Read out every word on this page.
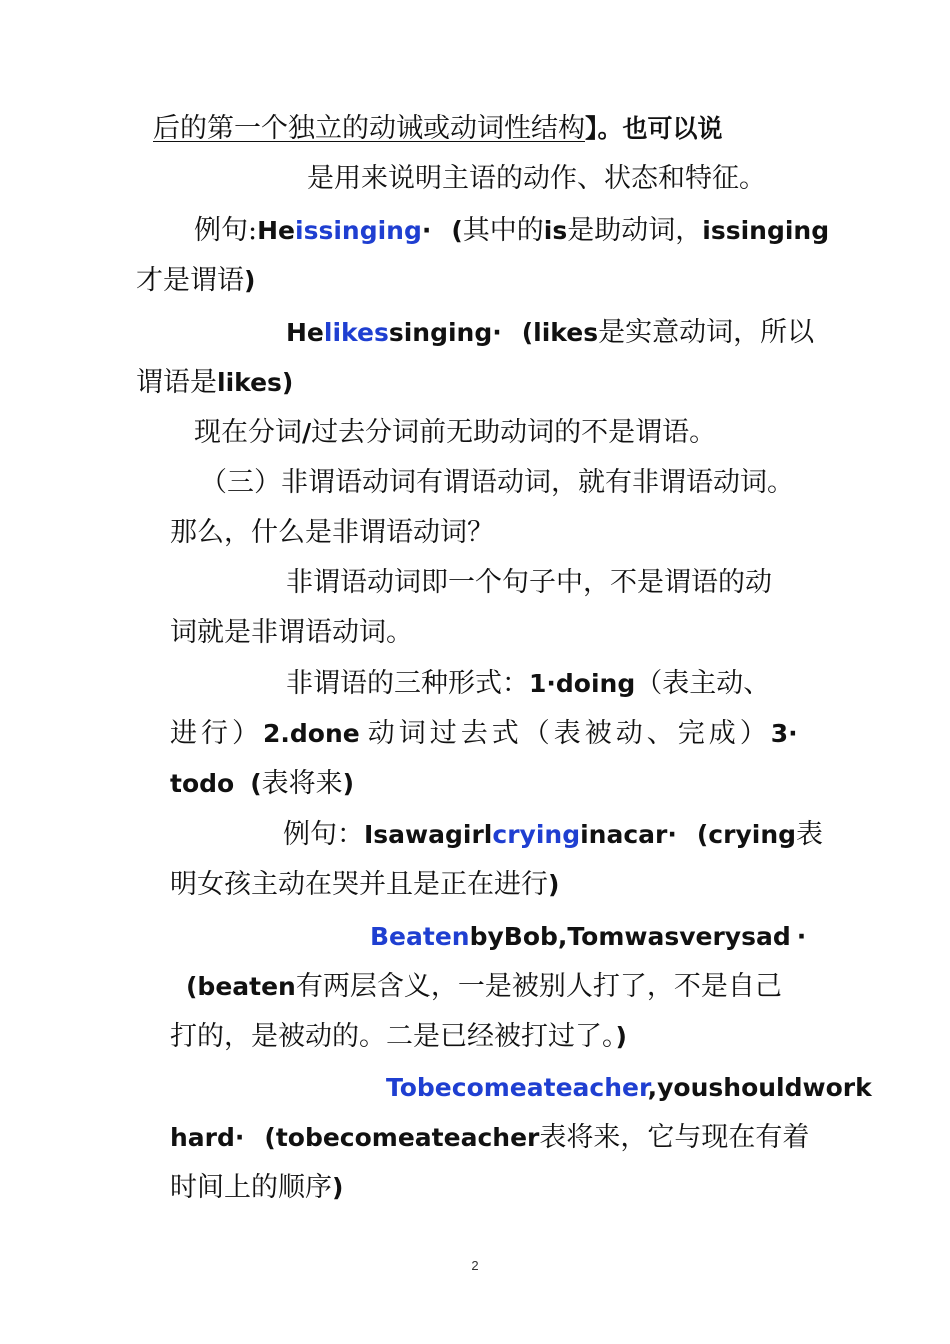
后的第一个独立的动诫或动词性结构】。也可以说
是用来说明主语的动作、状态和特征。
例句:Heissinging· (其中的is是助动词，issinging
才是谓语)
Helikessinging· (likes是实意动词，所以
谓语是likes)
现在分词/过去分词前无助动词的不是谓语。
（三）非谓语动词有谓语动词，就有非谓语动词。
那么，什么是非谓语动词？
非谓语动词即一个句子中，不是谓语的动
词就是非谓语动词。
非谓语的三种形式：1·doing（表主动、
进行）2.done 动词过去式（表被动、完成）3·
todo (表将来)
例句：Isawagirlcryinginacar· (crying表
明女孩主动在哭并且是正在进行)
BeatenbyBob,Tomwasverysad ·
(beaten有两层含义，一是被别人打了，不是自己
打的，是被动的。二是已经被打过了。)
Tobecomeateacher,youshouldwork
hard· (tobecomeateacher表将来，它与现在有着
时间上的顺序)
2
